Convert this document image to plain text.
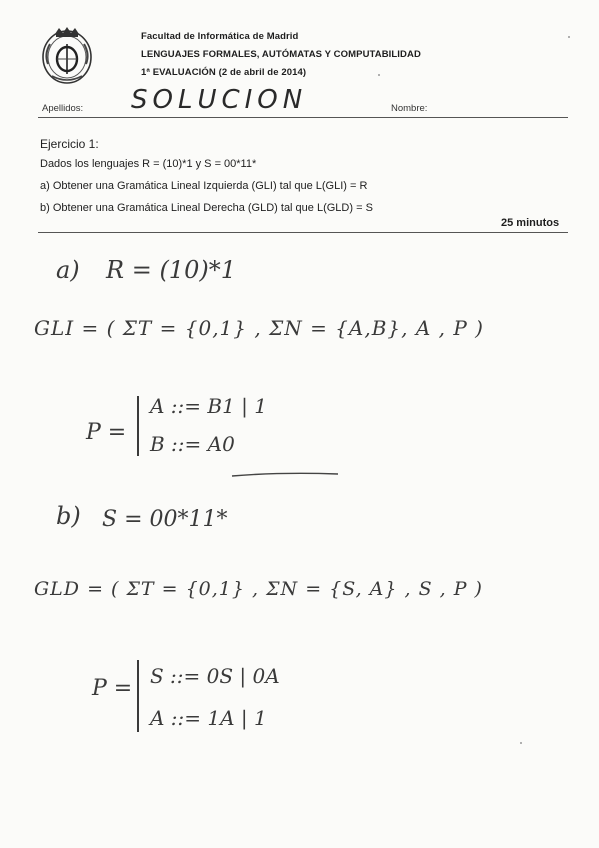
Facultad de Informática de Madrid
LENGUAJES FORMALES, AUTÓMATAS Y COMPUTABILIDAD
1ª EVALUACIÓN (2 de abril de 2014)
Apellidos: SOLUCION	Nombre:
Ejercicio 1:
Dados los lenguajes R = (10)*1 y S = 00*11*
a) Obtener una Gramática Lineal Izquierda (GLI) tal que L(GLI) = R
b) Obtener una Gramática Lineal Derecha (GLD) tal que L(GLD) = S
25 minutos
a) R = (10)*1
GLI = ( ΣT = {0,1} , ΣN = {A,B}, A , P )
P =
A ::= B1 | 1
B ::= A0
b) S = 00*11*
GLD = ( ΣT = {0,1} , ΣN = {S, A} , S , P )
P = S ::= 0S | 0A
A ::= 1A | 1
